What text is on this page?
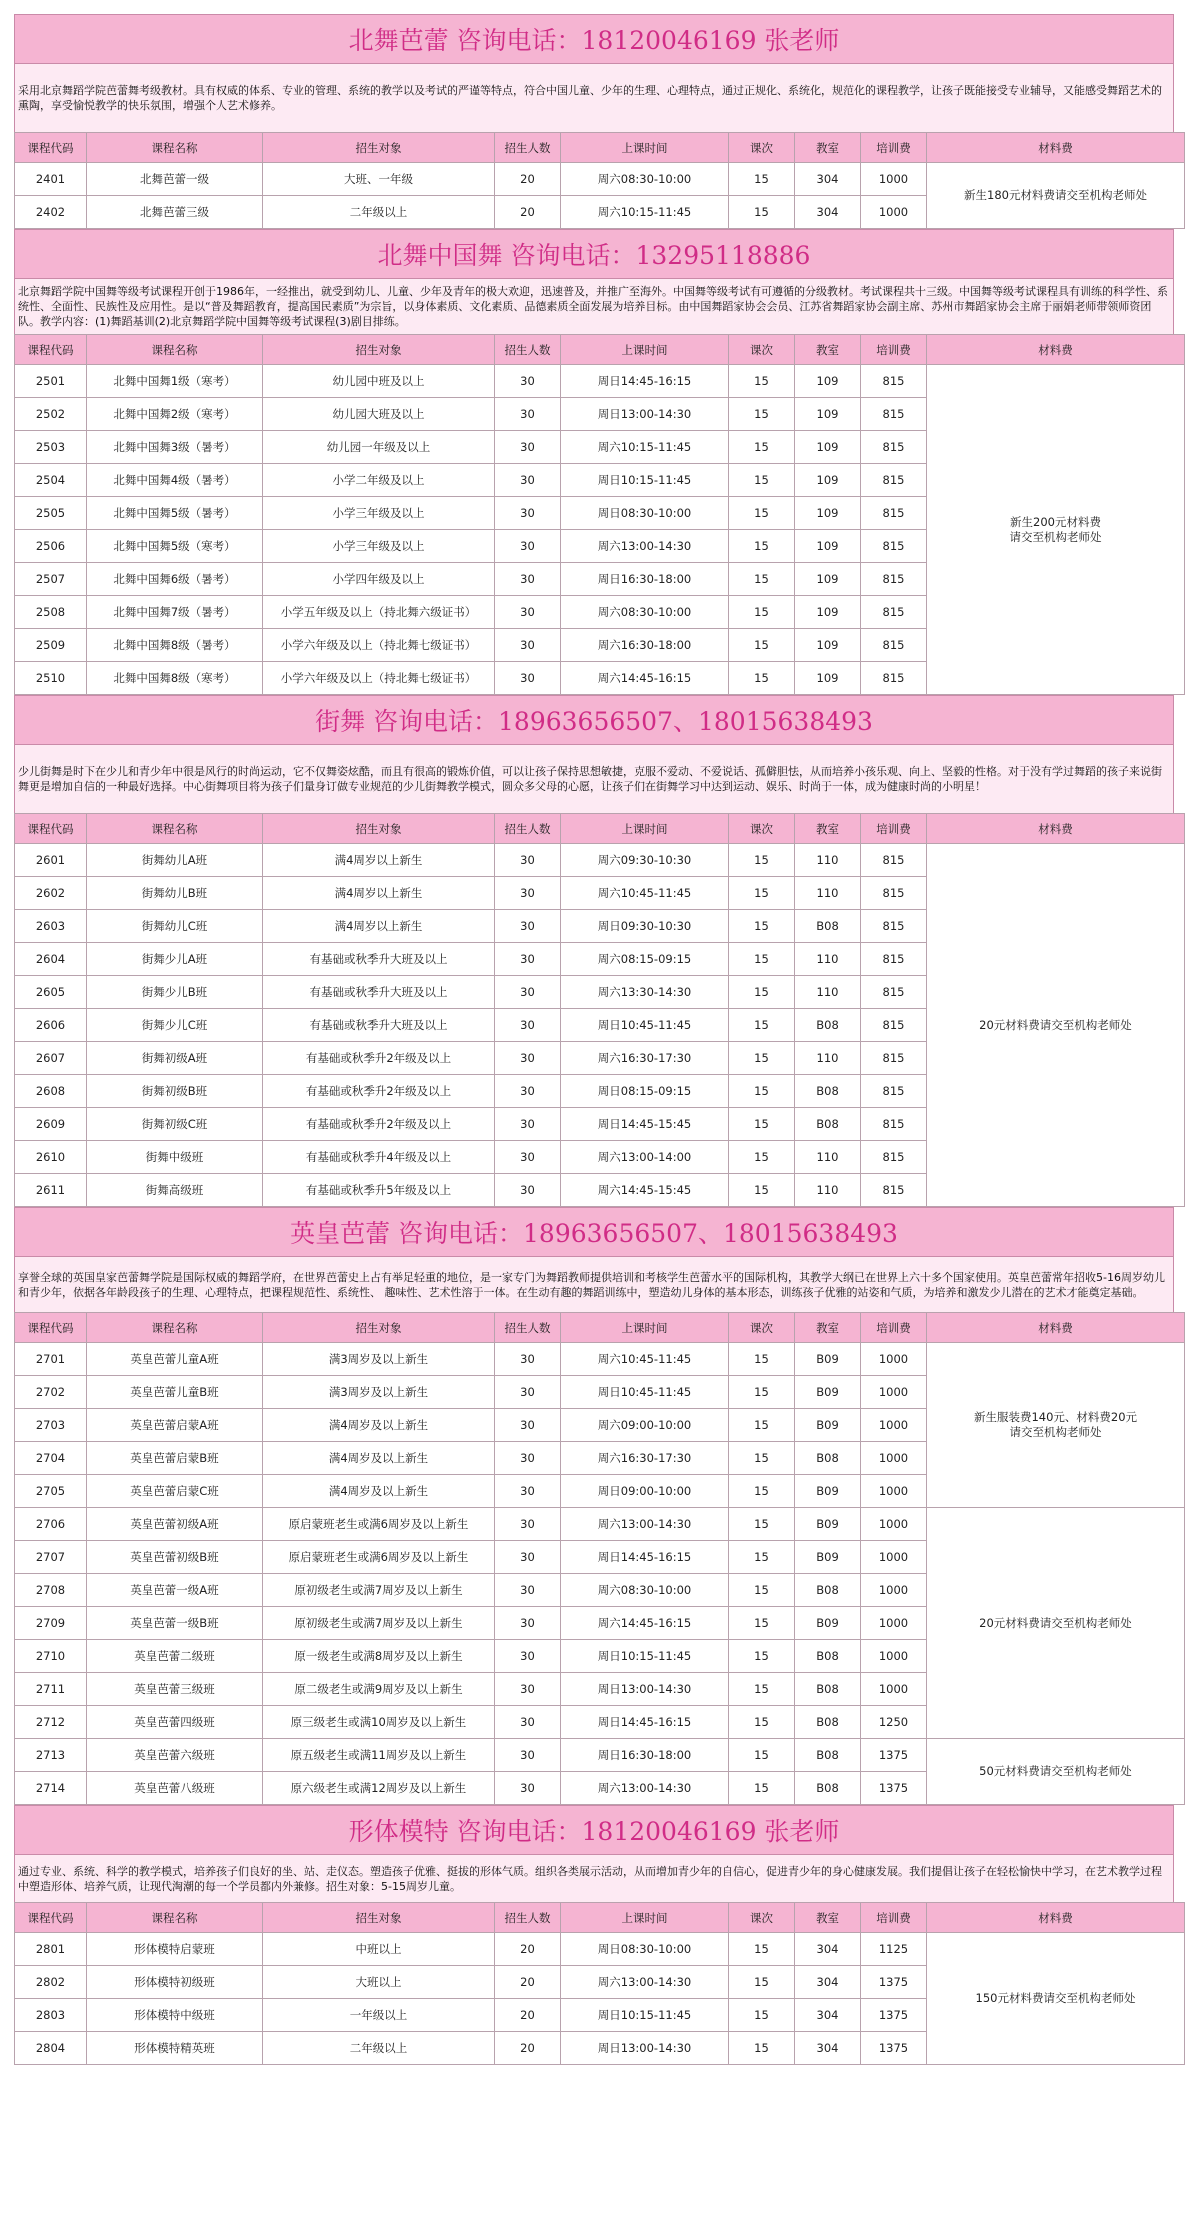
北舞芭蕾 咨询电话：18120046169 张老师
采用北京舞蹈学院芭蕾舞考级教材。具有权威的体系、专业的管理、系统的教学以及考试的严谨等特点，符合中国儿童、少年的生理、心理特点，通过正规化、系统化，规范化的课程教学，让孩子既能接受专业辅导，又能感受舞蹈艺术的熏陶，享受愉悦教学的快乐氛围，增强个人艺术修养。
课程代码	课程名称	招生对象	招生人数	上课时间	课次	教室	培训费	材料费
2401	北舞芭蕾一级	大班、一年级	20	周六08:30-10:00	15	304	1000	新生180元材料费请交至机构老师处
2402	北舞芭蕾三级	二年级以上	20	周六10:15-11:45	15	304	1000	
北舞中国舞 咨询电话：13295118886
北京舞蹈学院中国舞等级考试课程开创于1986年，一经推出，就受到幼儿、儿童、少年及青年的极大欢迎，迅速普及，并推广至海外。中国舞等级考试有可遵循的分级教材。考试课程共十三级。中国舞等级考试课程具有训练的科学性、系统性、全面性、民族性及应用性。是以“普及舞蹈教育，提高国民素质”为宗旨，以身体素质、文化素质、品德素质全面发展为培养目标。由中国舞蹈家协会会员、江苏省舞蹈家协会副主席、苏州市舞蹈家协会主席于丽娟老师带领师资团队。教学内容：(1)舞蹈基训(2)北京舞蹈学院中国舞等级考试课程(3)剧目排练。
课程代码	课程名称	招生对象	招生人数	上课时间	课次	教室	培训费	材料费
2501	北舞中国舞1级（寒考）	幼儿园中班及以上	30	周日14:45-16:15	15	109	815	新生200元材料费
请交至机构老师处
2502	北舞中国舞2级（寒考）	幼儿园大班及以上	30	周日13:00-14:30	15	109	815	
2503	北舞中国舞3级（暑考）	幼儿园一年级及以上	30	周六10:15-11:45	15	109	815	
2504	北舞中国舞4级（暑考）	小学二年级及以上	30	周日10:15-11:45	15	109	815	
2505	北舞中国舞5级（暑考）	小学三年级及以上	30	周日08:30-10:00	15	109	815	
2506	北舞中国舞5级（寒考）	小学三年级及以上	30	周六13:00-14:30	15	109	815	
2507	北舞中国舞6级（暑考）	小学四年级及以上	30	周日16:30-18:00	15	109	815	
2508	北舞中国舞7级（暑考）	小学五年级及以上（持北舞六级证书）	30	周六08:30-10:00	15	109	815	
2509	北舞中国舞8级（暑考）	小学六年级及以上（持北舞七级证书）	30	周六16:30-18:00	15	109	815	
2510	北舞中国舞8级（寒考）	小学六年级及以上（持北舞七级证书）	30	周六14:45-16:15	15	109	815	
街舞 咨询电话：18963656507、18015638493
少儿街舞是时下在少儿和青少年中很是风行的时尚运动，它不仅舞姿炫酷，而且有很高的锻炼价值，可以让孩子保持思想敏捷，克服不爱动、不爱说话、孤僻胆怯，从而培养小孩乐观、向上、坚毅的性格。对于没有学过舞蹈的孩子来说街舞更是增加自信的一种最好选择。中心街舞项目将为孩子们量身订做专业规范的少儿街舞教学模式，圆众多父母的心愿，让孩子们在街舞学习中达到运动、娱乐、时尚于一体，成为健康时尚的小明星！
课程代码	课程名称	招生对象	招生人数	上课时间	课次	教室	培训费	材料费
2601	街舞幼儿A班	满4周岁以上新生	30	周六09:30-10:30	15	110	815	20元材料费请交至机构老师处
2602	街舞幼儿B班	满4周岁以上新生	30	周六10:45-11:45	15	110	815	
2603	街舞幼儿C班	满4周岁以上新生	30	周日09:30-10:30	15	B08	815	
2604	街舞少儿A班	有基础或秋季升大班及以上	30	周六08:15-09:15	15	110	815	
2605	街舞少儿B班	有基础或秋季升大班及以上	30	周六13:30-14:30	15	110	815	
2606	街舞少儿C班	有基础或秋季升大班及以上	30	周日10:45-11:45	15	B08	815	
2607	街舞初级A班	有基础或秋季升2年级及以上	30	周六16:30-17:30	15	110	815	
2608	街舞初级B班	有基础或秋季升2年级及以上	30	周日08:15-09:15	15	B08	815	
2609	街舞初级C班	有基础或秋季升2年级及以上	30	周日14:45-15:45	15	B08	815	
2610	街舞中级班	有基础或秋季升4年级及以上	30	周六13:00-14:00	15	110	815	
2611	街舞高级班	有基础或秋季升5年级及以上	30	周六14:45-15:45	15	110	815	
英皇芭蕾 咨询电话：18963656507、18015638493
享誉全球的英国皇家芭蕾舞学院是国际权威的舞蹈学府，在世界芭蕾史上占有举足轻重的地位，是一家专门为舞蹈教师提供培训和考核学生芭蕾水平的国际机构，其教学大纲已在世界上六十多个国家使用。英皇芭蕾常年招收5-16周岁幼儿和青少年，依据各年龄段孩子的生理、心理特点，把课程规范性、系统性、 趣味性、艺术性溶于一体。在生动有趣的舞蹈训练中，塑造幼儿身体的基本形态，训练孩子优雅的站姿和气质，为培养和激发少儿潜在的艺术才能奠定基础。
课程代码	课程名称	招生对象	招生人数	上课时间	课次	教室	培训费	材料费
2701	英皇芭蕾儿童A班	满3周岁及以上新生	30	周六10:45-11:45	15	B09	1000	新生服装费140元、材料费20元
请交至机构老师处
2702	英皇芭蕾儿童B班	满3周岁及以上新生	30	周日10:45-11:45	15	B09	1000	
2703	英皇芭蕾启蒙A班	满4周岁及以上新生	30	周六09:00-10:00	15	B09	1000	
2704	英皇芭蕾启蒙B班	满4周岁及以上新生	30	周六16:30-17:30	15	B08	1000	
2705	英皇芭蕾启蒙C班	满4周岁及以上新生	30	周日09:00-10:00	15	B09	1000	
2706	英皇芭蕾初级A班	原启蒙班老生或满6周岁及以上新生	30	周六13:00-14:30	15	B09	1000	20元材料费请交至机构老师处
2707	英皇芭蕾初级B班	原启蒙班老生或满6周岁及以上新生	30	周日14:45-16:15	15	B09	1000	
2708	英皇芭蕾一级A班	原初级老生或满7周岁及以上新生	30	周六08:30-10:00	15	B08	1000	
2709	英皇芭蕾一级B班	原初级老生或满7周岁及以上新生	30	周六14:45-16:15	15	B09	1000	
2710	英皇芭蕾二级班	原一级老生或满8周岁及以上新生	30	周日10:15-11:45	15	B08	1000	
2711	英皇芭蕾三级班	原二级老生或满9周岁及以上新生	30	周日13:00-14:30	15	B08	1000	
2712	英皇芭蕾四级班	原三级老生或满10周岁及以上新生	30	周日14:45-16:15	15	B08	1250	
2713	英皇芭蕾六级班	原五级老生或满11周岁及以上新生	30	周日16:30-18:00	15	B08	1375	50元材料费请交至机构老师处
2714	英皇芭蕾八级班	原六级老生或满12周岁及以上新生	30	周六13:00-14:30	15	B08	1375	
形体模特 咨询电话：18120046169 张老师
通过专业、系统、科学的教学模式，培养孩子们良好的坐、站、走仪态。塑造孩子优雅、挺拔的形体气质。组织各类展示活动，从而增加青少年的自信心，促进青少年的身心健康发展。我们提倡让孩子在轻松愉快中学习，在艺术教学过程中塑造形体、培养气质，让现代淘潮的每一个学员都内外兼修。招生对象：5-15周岁儿童。
课程代码	课程名称	招生对象	招生人数	上课时间	课次	教室	培训费	材料费
2801	形体模特启蒙班	中班以上	20	周日08:30-10:00	15	304	1125	150元材料费请交至机构老师处
2802	形体模特初级班	大班以上	20	周六13:00-14:30	15	304	1375	
2803	形体模特中级班	一年级以上	20	周日10:15-11:45	15	304	1375	
2804	形体模特精英班	二年级以上	20	周日13:00-14:30	15	304	1375	
